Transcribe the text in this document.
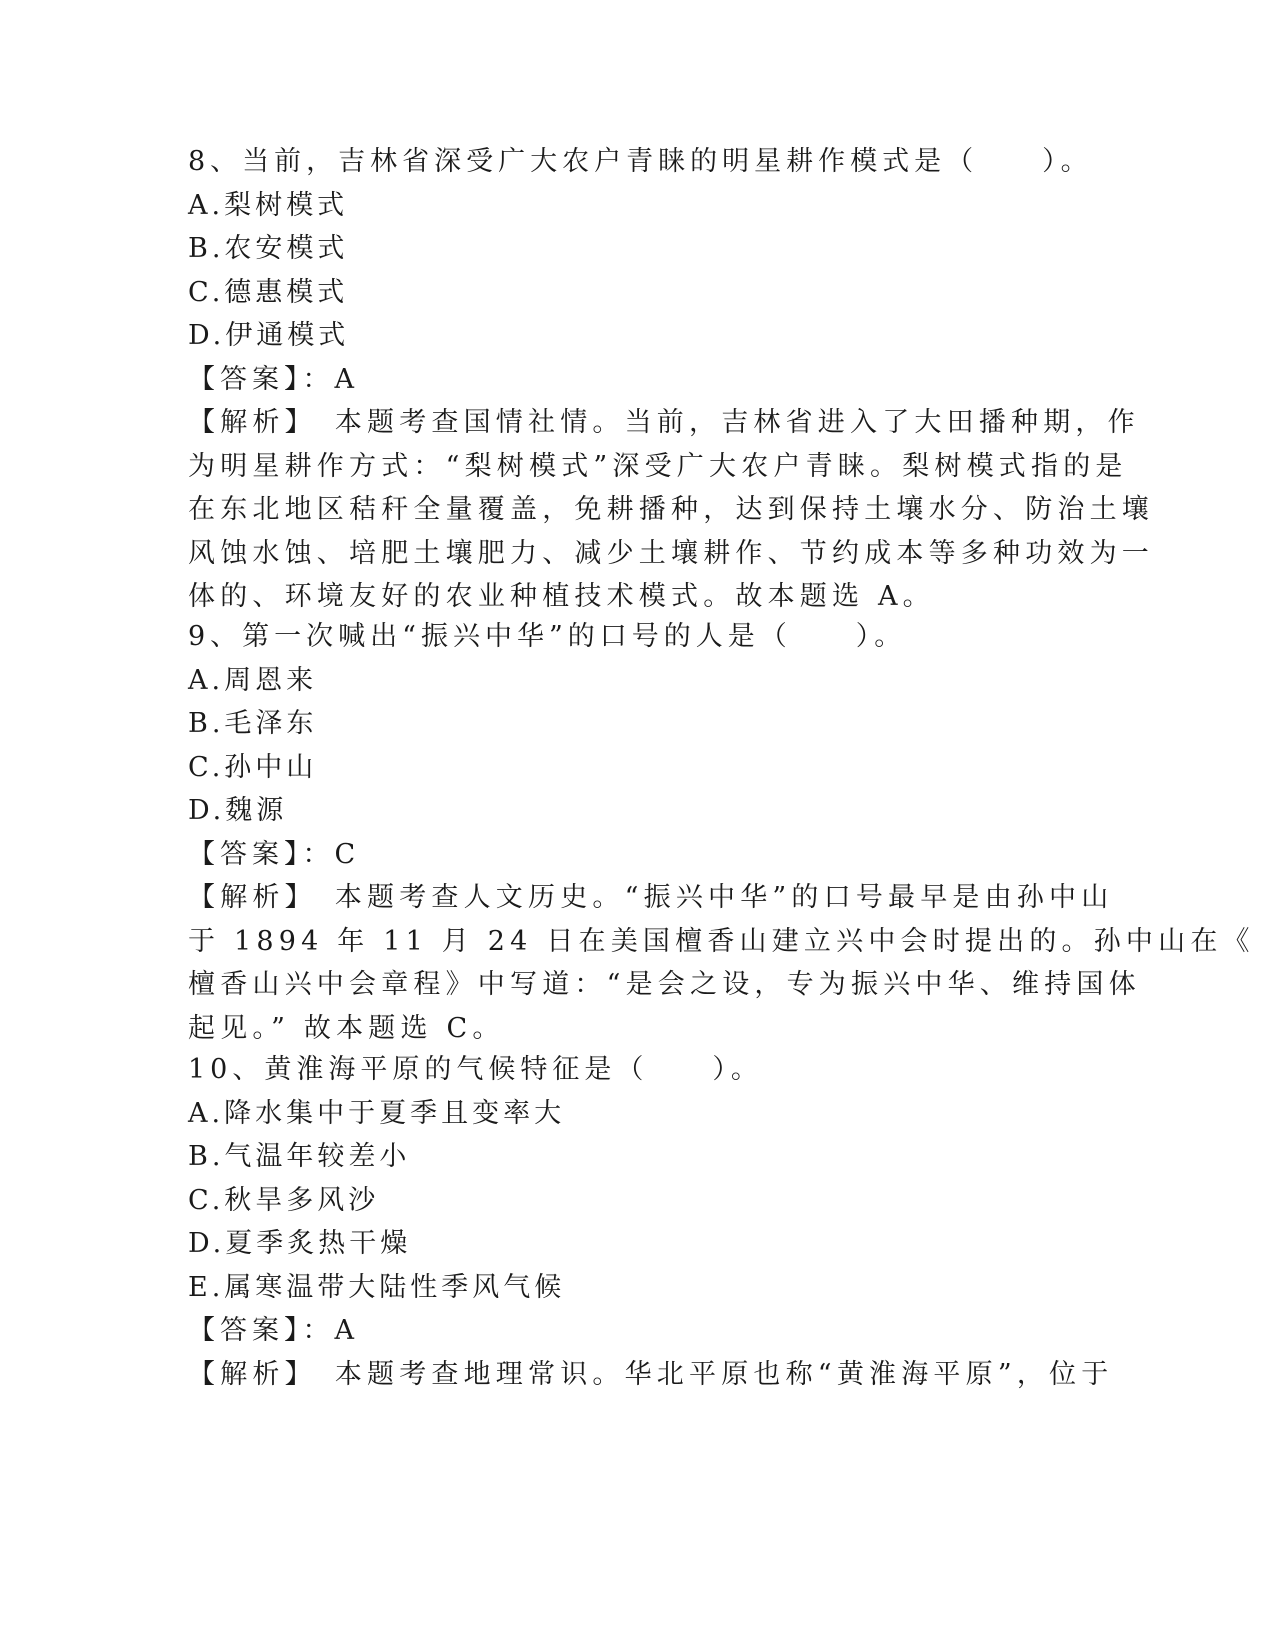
8、当前，吉林省深受广大农户青睐的明星耕作模式是（　　）。
A.梨树模式
B.农安模式
C.德惠模式
D.伊通模式
【答案】：A
【解析】 本题考查国情社情。当前，吉林省进入了大田播种期，作
为明星耕作方式：“梨树模式”深受广大农户青睐。梨树模式指的是
在东北地区秸秆全量覆盖，免耕播种，达到保持土壤水分、防治土壤
风蚀水蚀、培肥土壤肥力、减少土壤耕作、节约成本等多种功效为一
体的、环境友好的农业种植技术模式。故本题选 A。
9、第一次喊出“振兴中华”的口号的人是（　　）。
A.周恩来
B.毛泽东
C.孙中山
D.魏源
【答案】：C
【解析】 本题考查人文历史。“振兴中华”的口号最早是由孙中山
于 1894 年 11 月 24 日在美国檀香山建立兴中会时提出的。孙中山在《
檀香山兴中会章程》中写道：“是会之设，专为振兴中华、维持国体
起见。” 故本题选 C。
10、黄淮海平原的气候特征是（　　）。
A.降水集中于夏季且变率大
B.气温年较差小
C.秋旱多风沙
D.夏季炙热干燥
E.属寒温带大陆性季风气候
【答案】：A
【解析】 本题考查地理常识。华北平原也称“黄淮海平原”，位于
